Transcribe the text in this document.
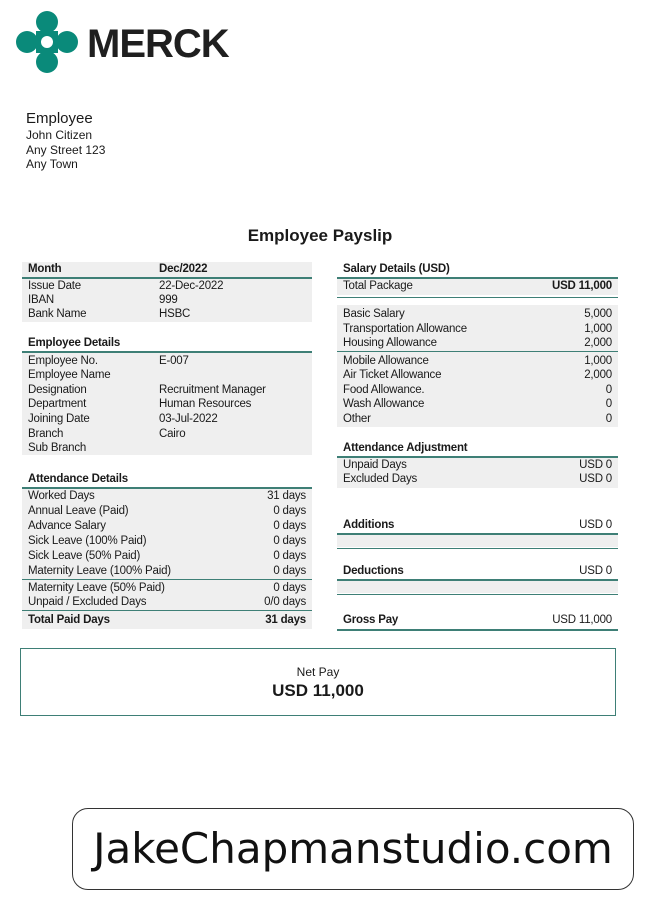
MERCK
Employee
John Citizen
Any Street 123
Any Town
Employee Payslip
Month	Dec/2022
Issue Date	22-Dec-2022
IBAN	999
Bank Name	HSBC
Employee Details
Employee No.	E-007
Employee Name
Designation	Recruitment Manager
Department	Human Resources
Joining Date	03-Jul-2022
Branch	Cairo
Sub Branch
Attendance Details
Worked Days	31 days
Annual Leave (Paid)	0 days
Advance Salary	0 days
Sick Leave (100% Paid)	0 days
Sick Leave (50% Paid)	0 days
Maternity Leave (100% Paid)	0 days
Maternity Leave (50% Paid)	0 days
Unpaid / Excluded Days	0/0 days
Total Paid Days	31 days
Salary Details (USD)
Total Package	USD 11,000
Basic Salary	5,000
Transportation Allowance	1,000
Housing Allowance	2,000
Mobile Allowance	1,000
Air Ticket Allowance	2,000
Food Allowance.	0
Wash Allowance	0
Other	0
Attendance Adjustment
Unpaid Days	USD 0
Excluded Days	USD 0
Additions	USD 0
Deductions	USD 0
Gross Pay	USD 11,000
Net Pay
USD 11,000
JakeChapmanstudio.com
